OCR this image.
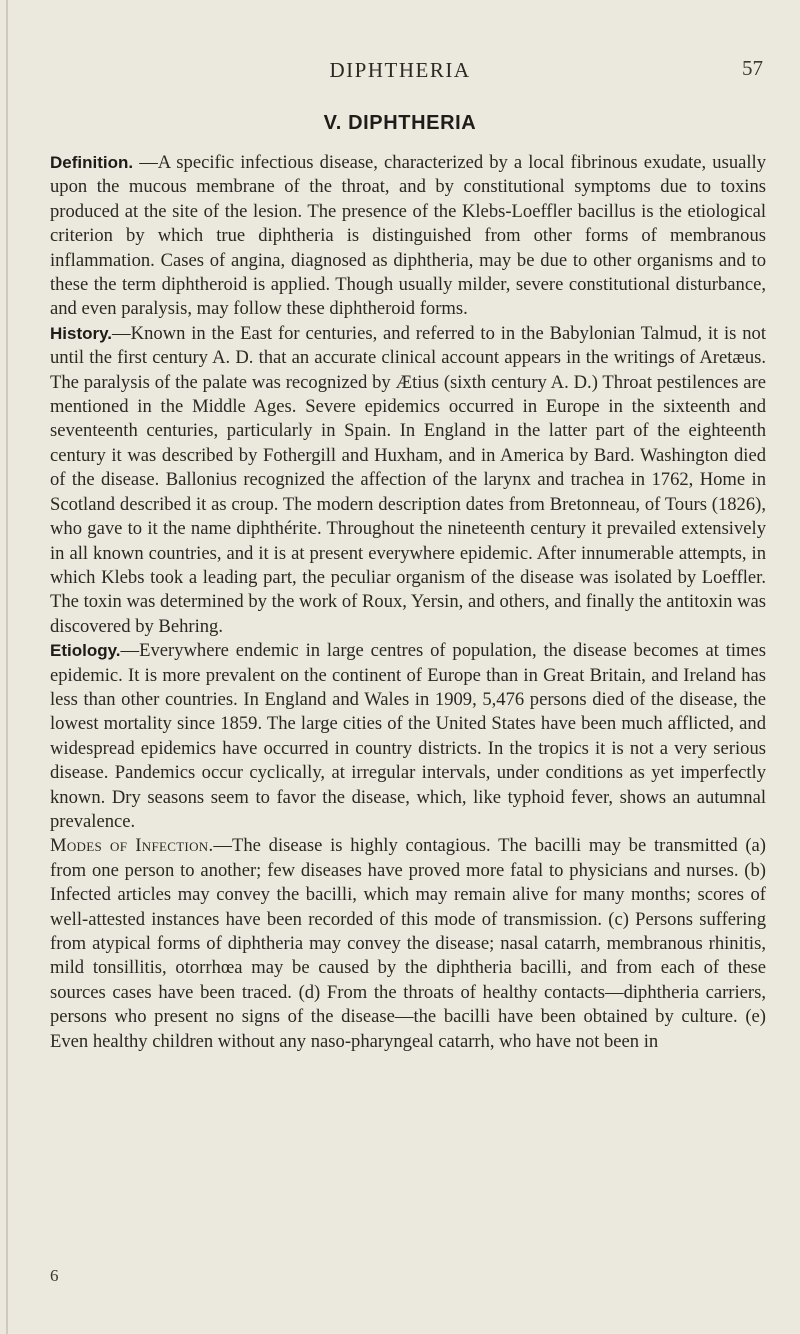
DIPHTHERIA	57
V. DIPHTHERIA

Definition. —A specific infectious disease, characterized by a local fibrinous exudate, usually upon the mucous membrane of the throat, and by constitutional symptoms due to toxins produced at the site of the lesion. The presence of the Klebs-Loeffler bacillus is the etiological criterion by which true diphtheria is distinguished from other forms of membranous inflammation. Cases of angina, diagnosed as diphtheria, may be due to other organisms and to these the term diphtheroid is applied. Though usually milder, severe constitutional disturbance, and even paralysis, may follow these diphtheroid forms.

History.—Known in the East for centuries, and referred to in the Babylonian Talmud, it is not until the first century A. D. that an accurate clinical account appears in the writings of Aretæus. The paralysis of the palate was recognized by Ætius (sixth century A. D.) Throat pestilences are mentioned in the Middle Ages. Severe epidemics occurred in Europe in the sixteenth and seventeenth centuries, particularly in Spain. In England in the latter part of the eighteenth century it was described by Fothergill and Huxham, and in America by Bard. Washington died of the disease. Ballonius recognized the affection of the larynx and trachea in 1762, Home in Scotland described it as croup. The modern description dates from Bretonneau, of Tours (1826), who gave to it the name diphthérite. Throughout the nineteenth century it prevailed extensively in all known countries, and it is at present everywhere epidemic. After innumerable attempts, in which Klebs took a leading part, the peculiar organism of the disease was isolated by Loeffler. The toxin was determined by the work of Roux, Yersin, and others, and finally the antitoxin was discovered by Behring.

Etiology.—Everywhere endemic in large centres of population, the disease becomes at times epidemic. It is more prevalent on the continent of Europe than in Great Britain, and Ireland has less than other countries. In England and Wales in 1909, 5,476 persons died of the disease, the lowest mortality since 1859. The large cities of the United States have been much afflicted, and widespread epidemics have occurred in country districts. In the tropics it is not a very serious disease. Pandemics occur cyclically, at irregular intervals, under conditions as yet imperfectly known. Dry seasons seem to favor the disease, which, like typhoid fever, shows an autumnal prevalence.

Modes of Infection.—The disease is highly contagious. The bacilli may be transmitted (a) from one person to another; few diseases have proved more fatal to physicians and nurses. (b) Infected articles may convey the bacilli, which may remain alive for many months; scores of well-attested instances have been recorded of this mode of transmission. (c) Persons suffering from atypical forms of diphtheria may convey the disease; nasal catarrh, membranous rhinitis, mild tonsillitis, otorrhœa may be caused by the diphtheria bacilli, and from each of these sources cases have been traced. (d) From the throats of healthy contacts—diphtheria carriers, persons who present no signs of the disease—the bacilli have been obtained by culture. (e) Even healthy children without any naso-pharyngeal catarrh, who have not been in

6
